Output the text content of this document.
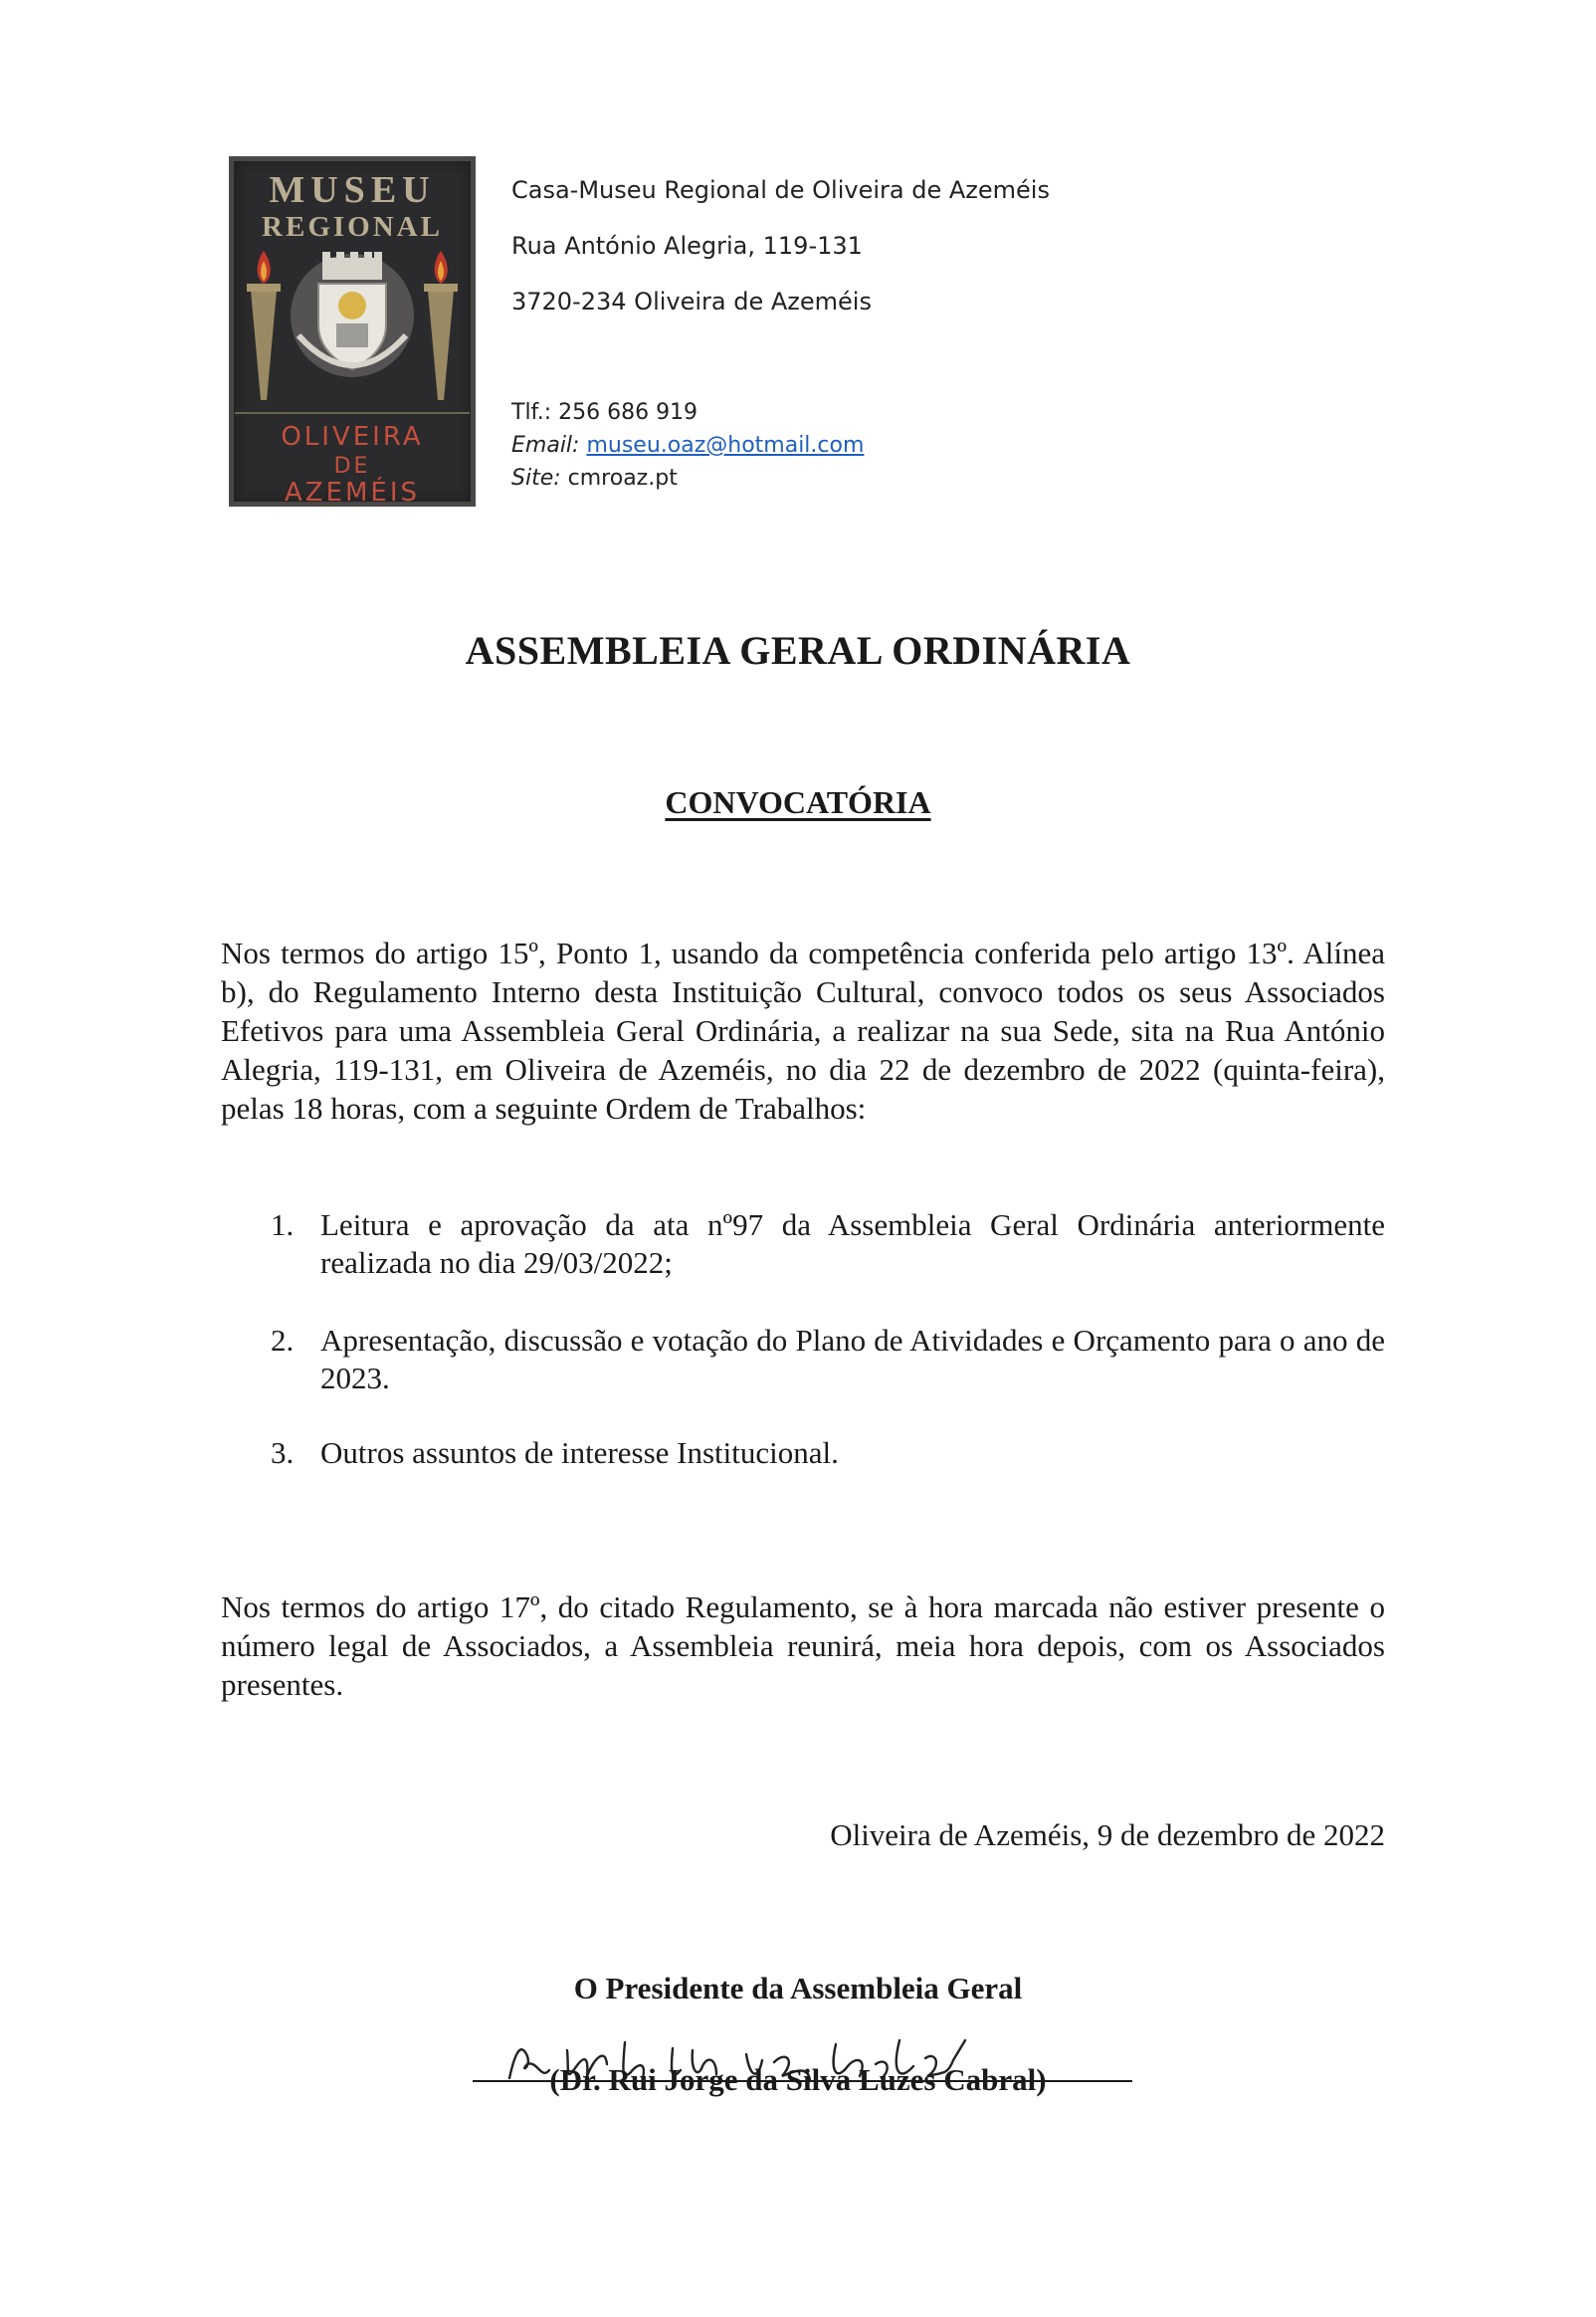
MUSEU
REGIONAL
OLIVEIRA
DE
AZEMÉIS
Casa-Museu Regional de Oliveira de Azeméis
Rua António Alegria, 119-131
3720-234 Oliveira de Azeméis
Tlf.: 256 686 919
Email: museu.oaz@hotmail.com
Site: cmroaz.pt
ASSEMBLEIA GERAL ORDINÁRIA
CONVOCATÓRIA
Nos termos do artigo 15º, Ponto 1, usando da competência conferida pelo artigo 13º. Alínea b), do Regulamento Interno desta Instituição Cultural, convoco todos os seus Associados Efetivos para uma Assembleia Geral Ordinária, a realizar na sua Sede, sita na Rua António Alegria, 119-131, em Oliveira de Azeméis, no dia 22 de dezembro de 2022 (quinta-feira), pelas 18 horas, com a seguinte Ordem de Trabalhos:
1. Leitura e aprovação da ata nº97 da Assembleia Geral Ordinária anteriormente realizada no dia 29/03/2022;
2. Apresentação, discussão e votação do Plano de Atividades e Orçamento para o ano de 2023.
3. Outros assuntos de interesse Institucional.
Nos termos do artigo 17º, do citado Regulamento, se à hora marcada não estiver presente o número legal de Associados, a Assembleia reunirá, meia hora depois, com os Associados presentes.
Oliveira de Azeméis, 9 de dezembro de 2022
O Presidente da Assembleia Geral
(Dr. Rui Jorge da Silva Luzes Cabral)
